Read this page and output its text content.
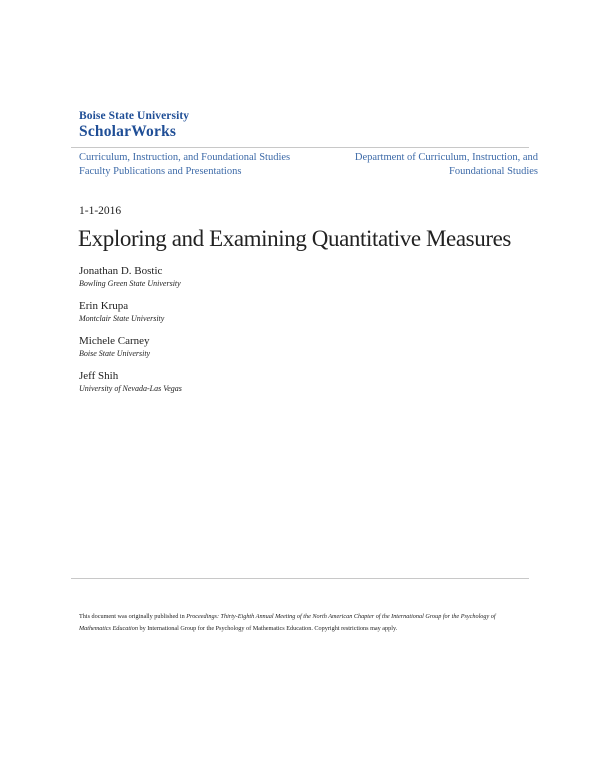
Boise State University
ScholarWorks
Curriculum, Instruction, and Foundational Studies
Faculty Publications and Presentations
Department of Curriculum, Instruction, and
Foundational Studies
1-1-2016
Exploring and Examining Quantitative Measures
Jonathan D. Bostic
Bowling Green State University
Erin Krupa
Montclair State University
Michele Carney
Boise State University
Jeff Shih
University of Nevada-Las Vegas
This document was originally published in Proceedings: Thirty-Eighth Annual Meeting of the North American Chapter of the International Group for the Psychology of Mathematics Education by International Group for the Psychology of Mathematics Education. Copyright restrictions may apply.
